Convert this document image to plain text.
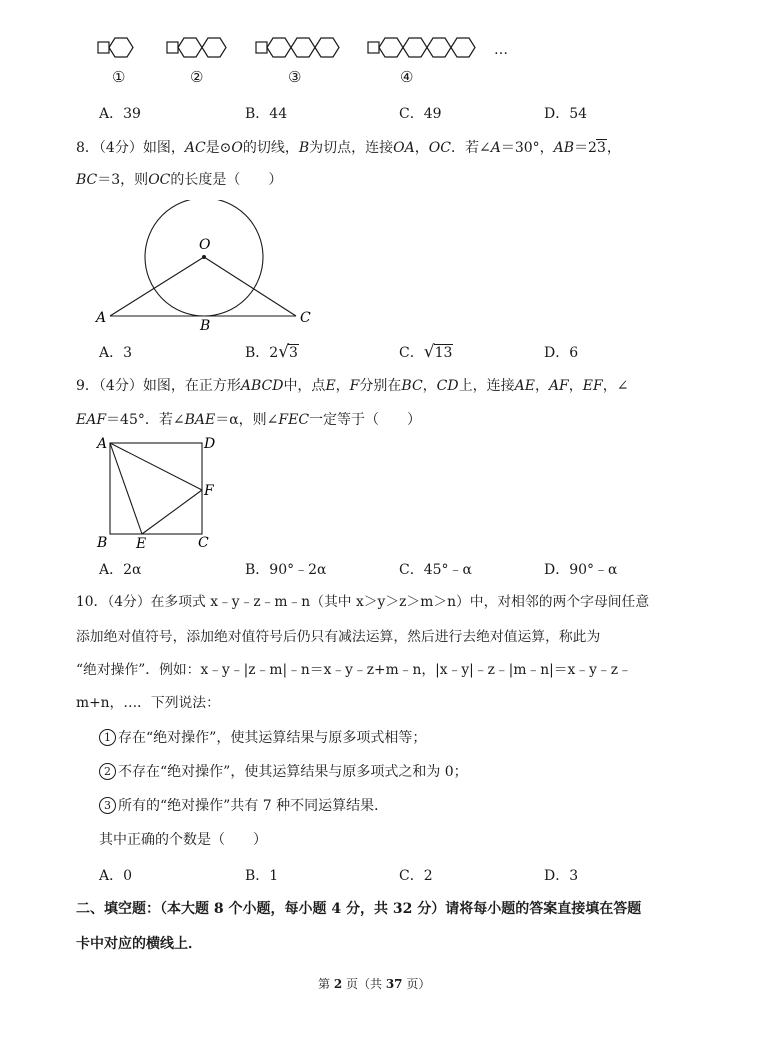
①	②	③	④
…
A．39	B．44	C．49	D．54
8．（4分）如图，AC是⊙O的切线，B为切点，连接OA，OC．若∠A＝30°，AB＝23，
BC＝3，则OC的长度是（　　）
O
A	B	C
A．3	B．2√3	C．√13	D．6
9．（4分）如图，在正方形ABCD中，点E，F分别在BC，CD上，连接AE，AF，EF，∠
EAF＝45°．若∠BAE＝α，则∠FEC一定等于（　　）
A	D
F
B E	C
A．2α	B．90°﹣2α	C．45°﹣α	D．90°﹣α
10．（4分）在多项式 x﹣y﹣z﹣m﹣n（其中 x＞y＞z＞m＞n）中，对相邻的两个字母间任意
添加绝对值符号，添加绝对值符号后仍只有减法运算，然后进行去绝对值运算，称此为
“绝对操作”．例如：x﹣y﹣|z﹣m|﹣n＝x﹣y﹣z+m﹣n，|x﹣y|﹣z﹣|m﹣n|＝x﹣y﹣z﹣
m+n，…．下列说法：
1 存在“绝对操作”，使其运算结果与原多项式相等；
2 不存在“绝对操作”，使其运算结果与原多项式之和为 0；
3 所有的“绝对操作”共有 7 种不同运算结果．
其中正确的个数是（　　）
A．0	B．1	C．2	D．3
二、填空题：（本大题 8 个小题，每小题 4 分，共 32 分）请将每小题的答案直接填在答题
卡中对应的横线上．
第 2 页（共 37 页）
